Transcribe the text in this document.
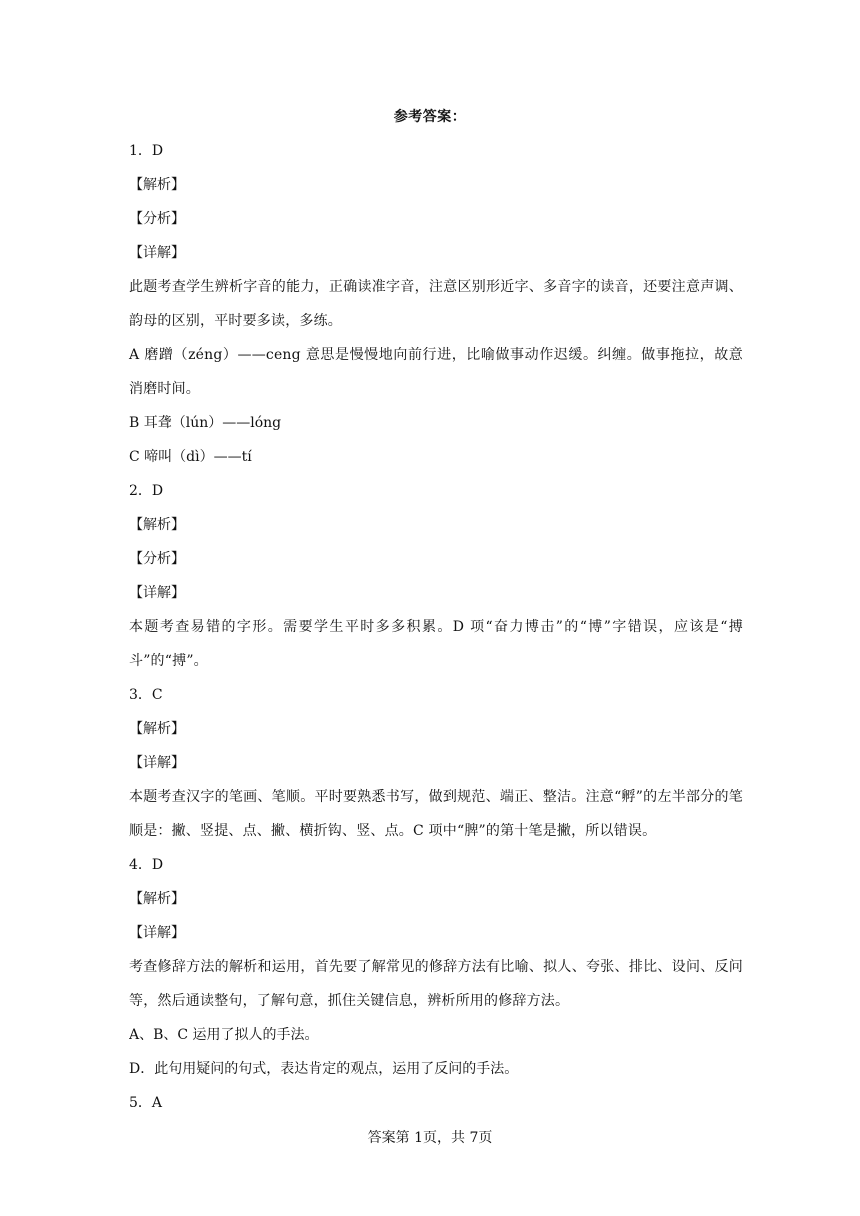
参考答案：
1．D
【解析】
【分析】
【详解】
此题考查学生辨析字音的能力，正确读准字音，注意区别形近字、多音字的读音，还要注意声调、韵母的区别，平时要多读，多练。
A 磨蹭（zéng）——ceng 意思是慢慢地向前行进，比喻做事动作迟缓。纠缠。做事拖拉，故意消磨时间。
B 耳聋（lún）——lóng
C 啼叫（dì）——tí
2．D
【解析】
【分析】
【详解】
本题考查易错的字形。需要学生平时多多积累。D 项“奋力博击”的“博”字错误，应该是“搏斗”的“搏”。
3．C
【解析】
【详解】
本题考查汉字的笔画、笔顺。平时要熟悉书写，做到规范、端正、整洁。注意“孵”的左半部分的笔顺是：撇、竖提、点、撇、横折钩、竖、点。C 项中“脾”的第十笔是撇，所以错误。
4．D
【解析】
【详解】
考查修辞方法的解析和运用，首先要了解常见的修辞方法有比喻、拟人、夸张、排比、设问、反问等，然后通读整句，了解句意，抓住关键信息，辨析所用的修辞方法。
A、B、C 运用了拟人的手法。
D．此句用疑问的句式，表达肯定的观点，运用了反问的手法。
5．A
答案第 1页，共 7页
